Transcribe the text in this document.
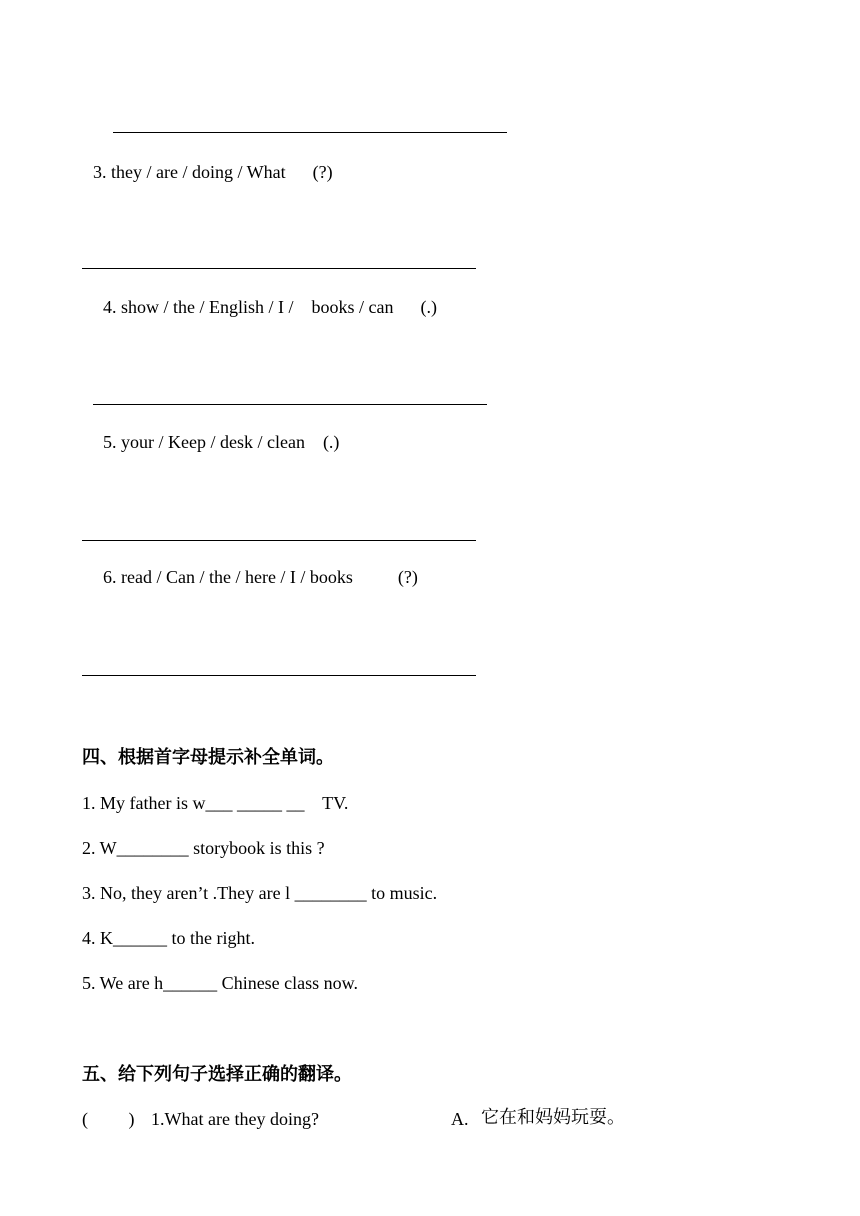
3. they / are / doing / What      (?)
4. show / the / English / I /    books / can      (.)
5. your / Keep / desk / clean    (.)
6. read / Can / the / here / I / books          (?)
四、根据首字母提示补全单词。
1. My father is w___ _____ __    TV.
2. W________ storybook is this ?
3. No, they aren’t .They are l ________ to music.
4. K______ to the right.
5. We are h______ Chinese class now.
五、给下列句子选择正确的翻译。
(         ) 1.What are they doing?	A. 它在和妈妈玩耍。
